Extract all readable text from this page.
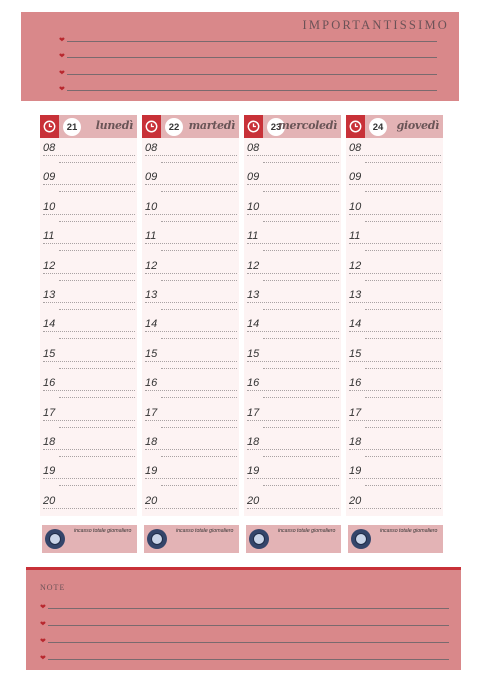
IMPORTANTISSIMO
❤
❤
❤
❤
21	lunedì
08
09
10
11
12
13
14
15
16
17
18
19
20
incasso totale giornaliero
22 martedì
08
09
10
11
12
13
14
15
16
17
18
19
20
incasso totale giornaliero
23
mercoledì
08
09
10
11
12
13
14
15
16
17
18
19
20
incasso totale giornaliero
24	giovedì
08
09
10
11
12
13
14
15
16
17
18
19
20
incasso totale giornaliero
NOTE
❤
❤
❤
❤
